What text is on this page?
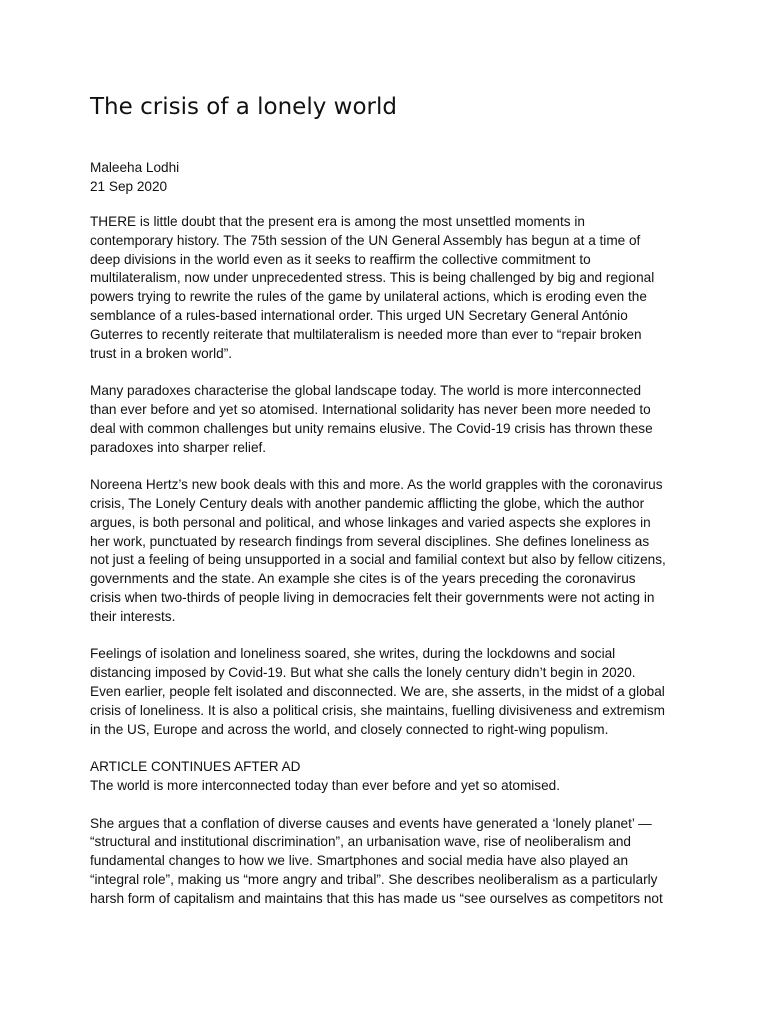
The crisis of a lonely world
Maleeha Lodhi
21 Sep 2020
THERE is little doubt that the present era is among the most unsettled moments in
contemporary history. The 75th session of the UN General Assembly has begun at a time of
deep divisions in the world even as it seeks to reaffirm the collective commitment to
multilateralism, now under unprecedented stress. This is being challenged by big and regional
powers trying to rewrite the rules of the game by unilateral actions, which is eroding even the
semblance of a rules-based international order. This urged UN Secretary General António
Guterres to recently reiterate that multilateralism is needed more than ever to “repair broken
trust in a broken world”.
Many paradoxes characterise the global landscape today. The world is more interconnected
than ever before and yet so atomised. International solidarity has never been more needed to
deal with common challenges but unity remains elusive. The Covid-19 crisis has thrown these
paradoxes into sharper relief.
Noreena Hertz’s new book deals with this and more. As the world grapples with the coronavirus
crisis, The Lonely Century deals with another pandemic afflicting the globe, which the author
argues, is both personal and political, and whose linkages and varied aspects she explores in
her work, punctuated by research findings from several disciplines. She defines loneliness as
not just a feeling of being unsupported in a social and familial context but also by fellow citizens,
governments and the state. An example she cites is of the years preceding the coronavirus
crisis when two-thirds of people living in democracies felt their governments were not acting in
their interests.
Feelings of isolation and loneliness soared, she writes, during the lockdowns and social
distancing imposed by Covid-19. But what she calls the lonely century didn’t begin in 2020.
Even earlier, people felt isolated and disconnected. We are, she asserts, in the midst of a global
crisis of loneliness. It is also a political crisis, she maintains, fuelling divisiveness and extremism
in the US, Europe and across the world, and closely connected to right-wing populism.
ARTICLE CONTINUES AFTER AD
The world is more interconnected today than ever before and yet so atomised.
She argues that a conflation of diverse causes and events have generated a ‘lonely planet’ —
“structural and institutional discrimination”, an urbanisation wave, rise of neoliberalism and
fundamental changes to how we live. Smartphones and social media have also played an
“integral role”, making us “more angry and tribal”. She describes neoliberalism as a particularly
harsh form of capitalism and maintains that this has made us “see ourselves as competitors not
